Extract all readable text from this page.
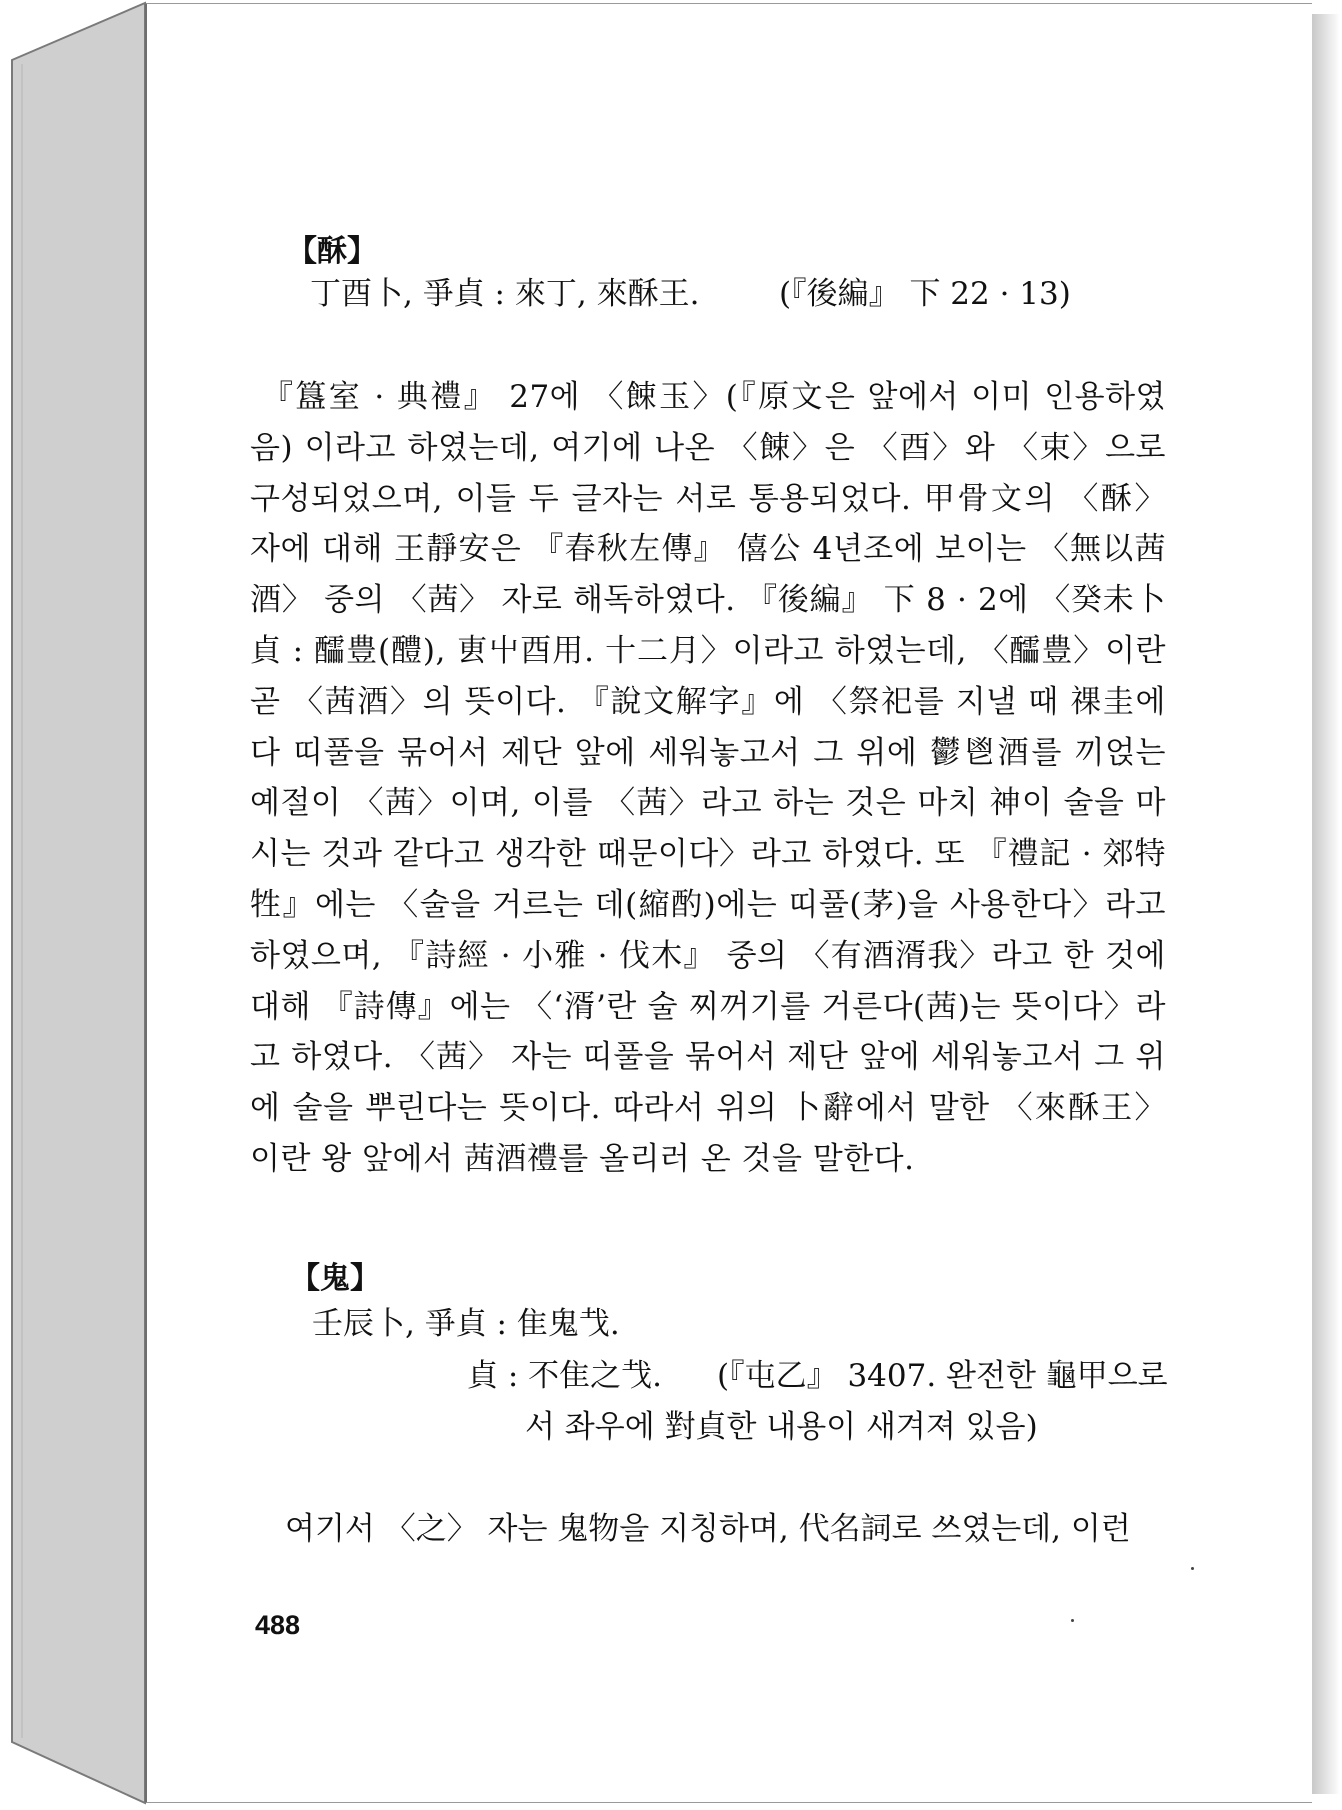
【酥】
丁酉卜, 爭貞 : 來丁, 來酥王.	(『後編』 下 22 · 13)
『簋室 · 典禮』 27에 〈餗玉〉(『原文은 앞에서 이미 인용하였음) 이라고 하였는데, 여기에 나온 〈餗〉은 〈酉〉와 〈束〉으로 구성되었으며, 이들 두 글자는 서로 통용되었다. 甲骨文의 〈酥〉 자에 대해 王靜安은 『春秋左傳』 僖公 4년조에 보이는 〈無以茜酒〉 중의 〈茜〉 자로 해독하였다. 『後編』 下 8 · 2에 〈癸未卜貞 : 醽豊(醴), 叀屮酉用. 十二月〉이라고 하였는데, 〈醽豊〉이란 곧 〈茜酒〉의 뜻이다. 『說文解字』에 〈祭祀를 지낼 때 祼圭에다 띠풀을 묶어서 제단 앞에 세워놓고서 그 위에 鬱鬯酒를 끼얹는 예절이 〈茜〉이며, 이를 〈茜〉라고 하는 것은 마치 神이 술을 마시는 것과 같다고 생각한 때문이다〉라고 하였다. 또 『禮記 · 郊特牲』에는 〈술을 거르는 데(縮酌)에는 띠풀(茅)을 사용한다〉라고 하였으며, 『詩經 · 小雅 · 伐木』 중의 〈有酒湑我〉라고 한 것에 대해 『詩傳』에는 〈‘湑’란 술 찌꺼기를 거른다(茜)는 뜻이다〉라고 하였다. 〈茜〉 자는 띠풀을 묶어서 제단 앞에 세워놓고서 그 위에 술을 뿌린다는 뜻이다. 따라서 위의 卜辭에서 말한 〈來酥王〉이란 왕 앞에서 茜酒禮를 올리러 온 것을 말한다.
【鬼】
壬辰卜, 爭貞 : 隹鬼𢦏.
貞 : 不隹之𢦏. (『屯乙』 3407. 완전한 龜甲으로
서 좌우에 對貞한 내용이 새겨져 있음)
여기서 〈之〉 자는 鬼物을 지칭하며, 代名詞로 쓰였는데, 이런
488
